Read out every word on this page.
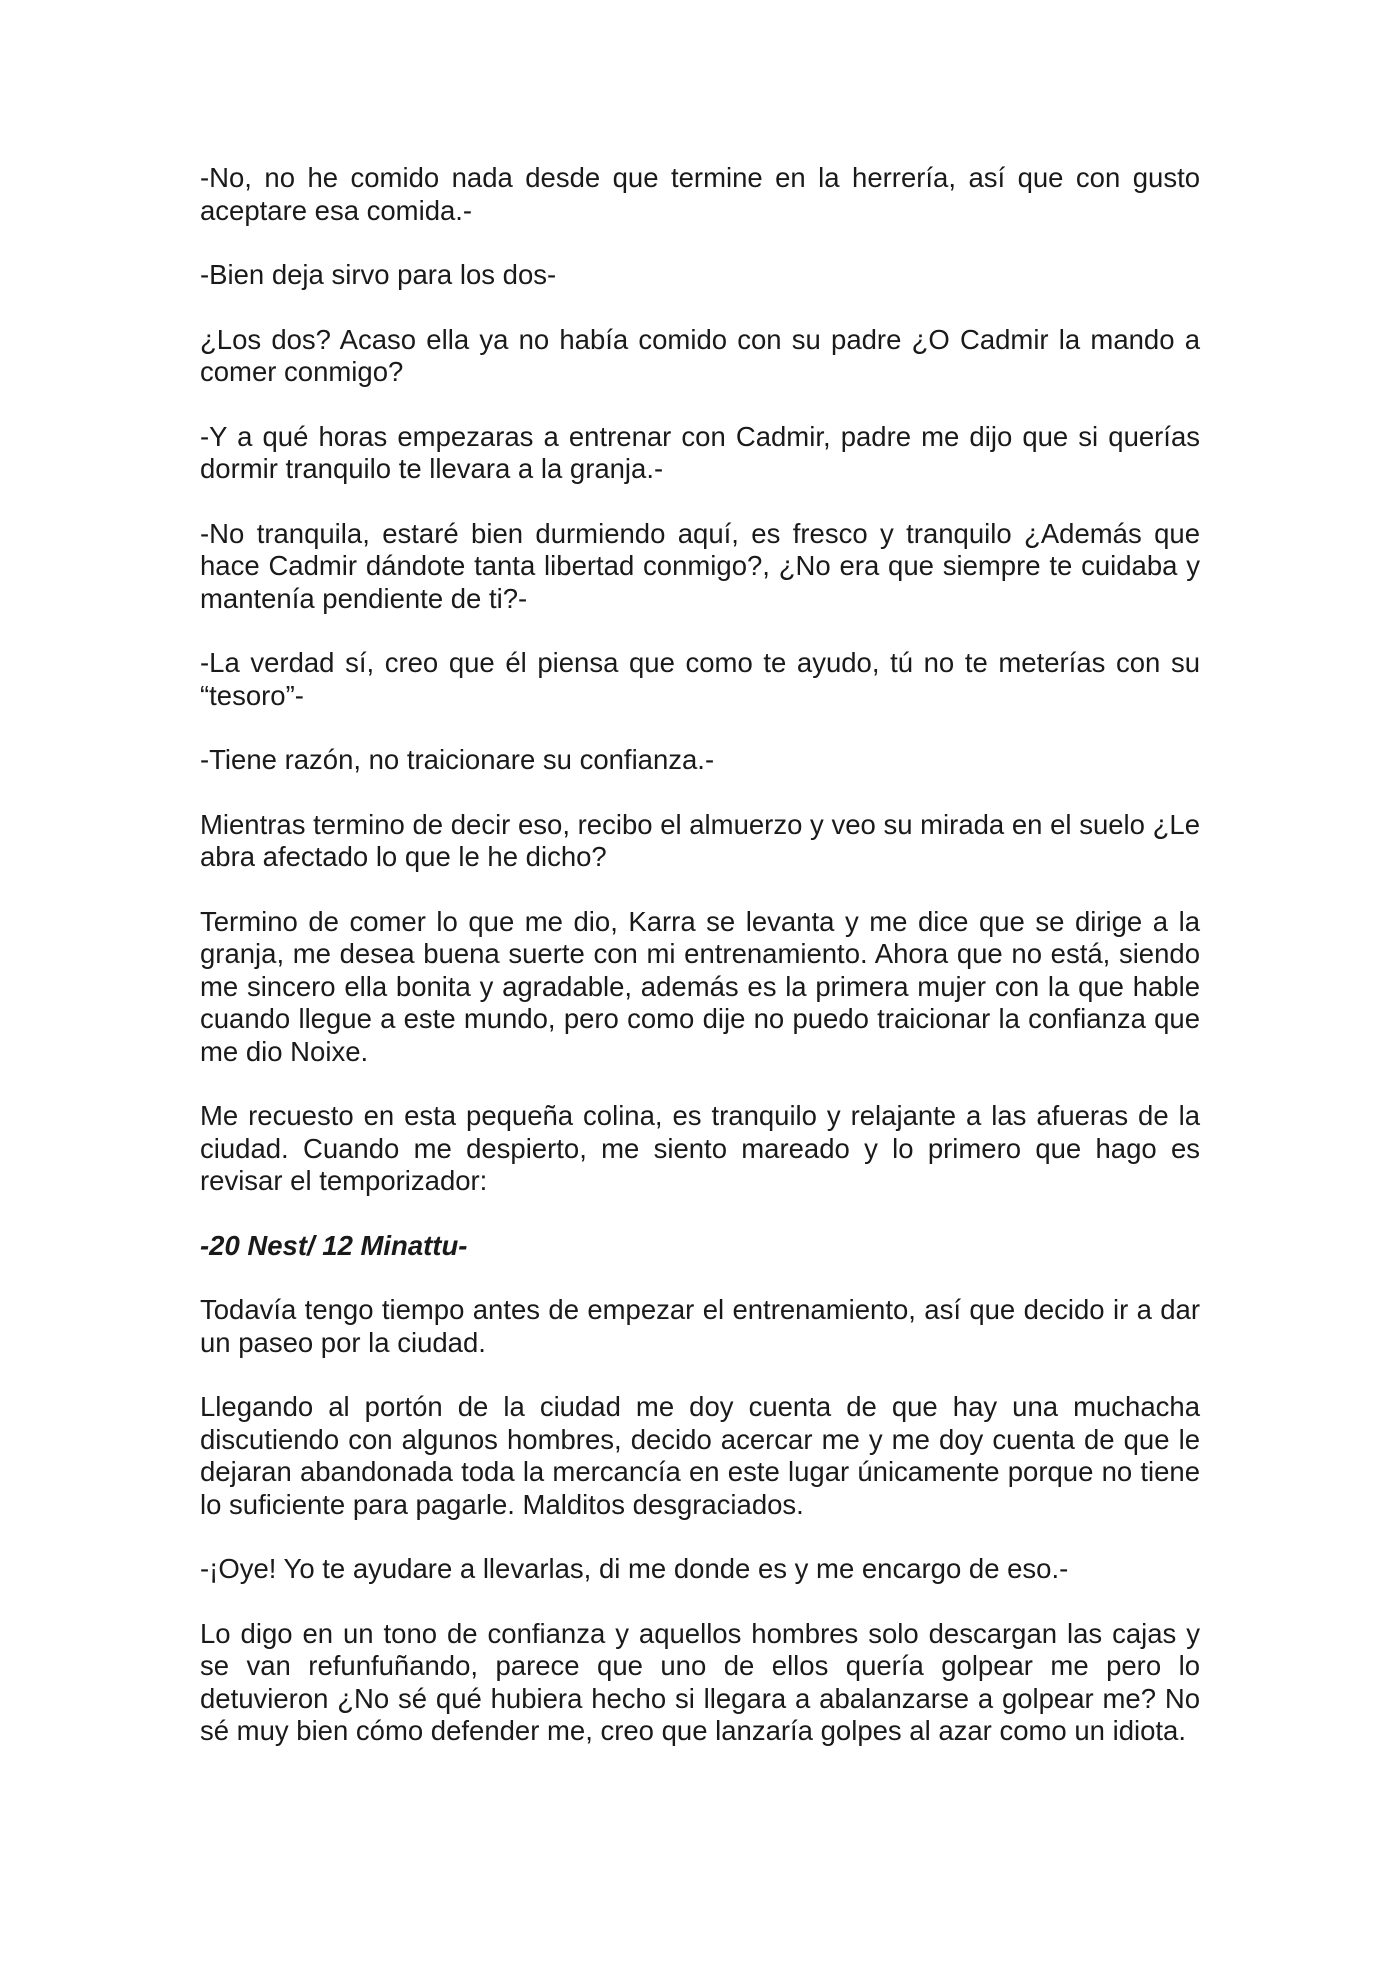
-No, no he comido nada desde que termine en la herrería, así que con gusto aceptare esa comida.-

-Bien deja sirvo para los dos-

¿Los dos? Acaso ella ya no había comido con su padre ¿O Cadmir la mando a comer conmigo?

-Y a qué horas empezaras a entrenar con Cadmir, padre me dijo que si querías dormir tranquilo te llevara a la granja.-

-No tranquila, estaré bien durmiendo aquí, es fresco y tranquilo ¿Además que hace Cadmir dándote tanta libertad conmigo?, ¿No era que siempre te cuidaba y mantenía pendiente de ti?-

-La verdad sí, creo que él piensa que como te ayudo, tú no te meterías con su “tesoro”-

-Tiene razón, no traicionare su confianza.-

Mientras termino de decir eso, recibo el almuerzo y veo su mirada en el suelo ¿Le abra afectado lo que le he dicho?

Termino de comer lo que me dio, Karra se levanta y me dice que se dirige a la granja, me desea buena suerte con mi entrenamiento. Ahora que no está, siendo me sincero ella bonita y agradable, además es la primera mujer con la que hable cuando llegue a este mundo, pero como dije no puedo traicionar la confianza que me dio Noixe.

Me recuesto en esta pequeña colina, es tranquilo y relajante a las afueras de la ciudad. Cuando me despierto, me siento mareado y lo primero que hago es revisar el temporizador:

-20 Nest/ 12 Minattu-

Todavía tengo tiempo antes de empezar el entrenamiento, así que decido ir a dar un paseo por la ciudad.

Llegando al portón de la ciudad me doy cuenta de que hay una muchacha discutiendo con algunos hombres, decido acercar me y me doy cuenta de que le dejaran abandonada toda la mercancía en este lugar únicamente porque no tiene lo suficiente para pagarle. Malditos desgraciados.

-¡Oye! Yo te ayudare a llevarlas, di me donde es y me encargo de eso.-

Lo digo en un tono de confianza y aquellos hombres solo descargan las cajas y se van refunfuñando, parece que uno de ellos quería golpear me pero lo detuvieron ¿No sé qué hubiera hecho si llegara a abalanzarse a golpear me? No sé muy bien cómo defender me, creo que lanzaría golpes al azar como un idiota.
